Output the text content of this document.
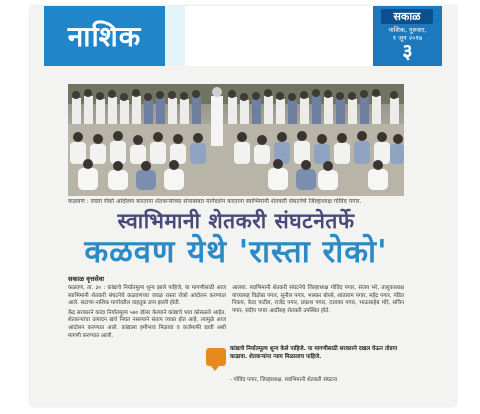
नाशिक
सकाळ
नाशिक, गुरुवार,
१ जून २०१७
३
कळवण : रास्ता रोको आंदोलन करताना शेतकऱ्यांच्या संपाबाबत मार्गदर्शन करताना स्वाभिमानी शेतकरी संघटनेचे जिल्हाध्यक्ष गोविंद पगार.
स्वाभिमानी शेतकरी संघटनेतर्फे
कळवण येथे 'रास्ता रोको'
सकाळ वृत्तसेवा

कळवण, ता. ३० : कांद्याचे निर्यातमूल्य शून्य झाले पाहिजे, या मागणीसाठी आज स्वाभिमानी शेतकरी संघटनेचे कळवणच्या जवळ रास्ता रोको आंदोलन करण्यात आले. सटाणा-नाशिक मार्गावरील वाहतूक ठप्प झाली होती.

केंद्र सरकारने कांदा निर्यातमूल्य ५७० डॉलर केल्याने कांद्याचे भाव कोसळले आहेत. शेतकऱ्यांचा उत्पादन खर्च निघत नसल्याने संताप व्यक्त होत आहे. त्यामुळे आज आंदोलन करण्यात आले. कांद्याला हमीभाव मिळावा व कर्जमाफी द्यावी अशी मागणी करण्यात आली.

आलया. स्वाभिमानी शेतकरी संघटनेचे जिल्हाध्यक्ष गोविंद पगार, संजय भरे, तालुकाध्यक्ष यांच्यासह विठोबा पगार, सुनील पगार, भास्कर बोरसे, शांताराम पगार, महेंद्र पगार, पंडित निकम, केदा पाटील, राजेंद्र पगार, प्रकाश पगार, दत्तात्रय पगार, भाऊसाहेब मोरे, सचिन पगार, संदीप पगार आदींसह शेतकरी उपस्थित होते.

कांद्याचे निर्यातमूल्य शून्य केले पाहिजे. या मागणीसाठी सरकारने दखल घेऊन तोडगा काढावा. शेतकऱ्यांना न्याय मिळालाच पाहिजे.
- गोविंद पगार, जिल्हाध्यक्ष, स्वाभिमानी शेतकरी संघटना
